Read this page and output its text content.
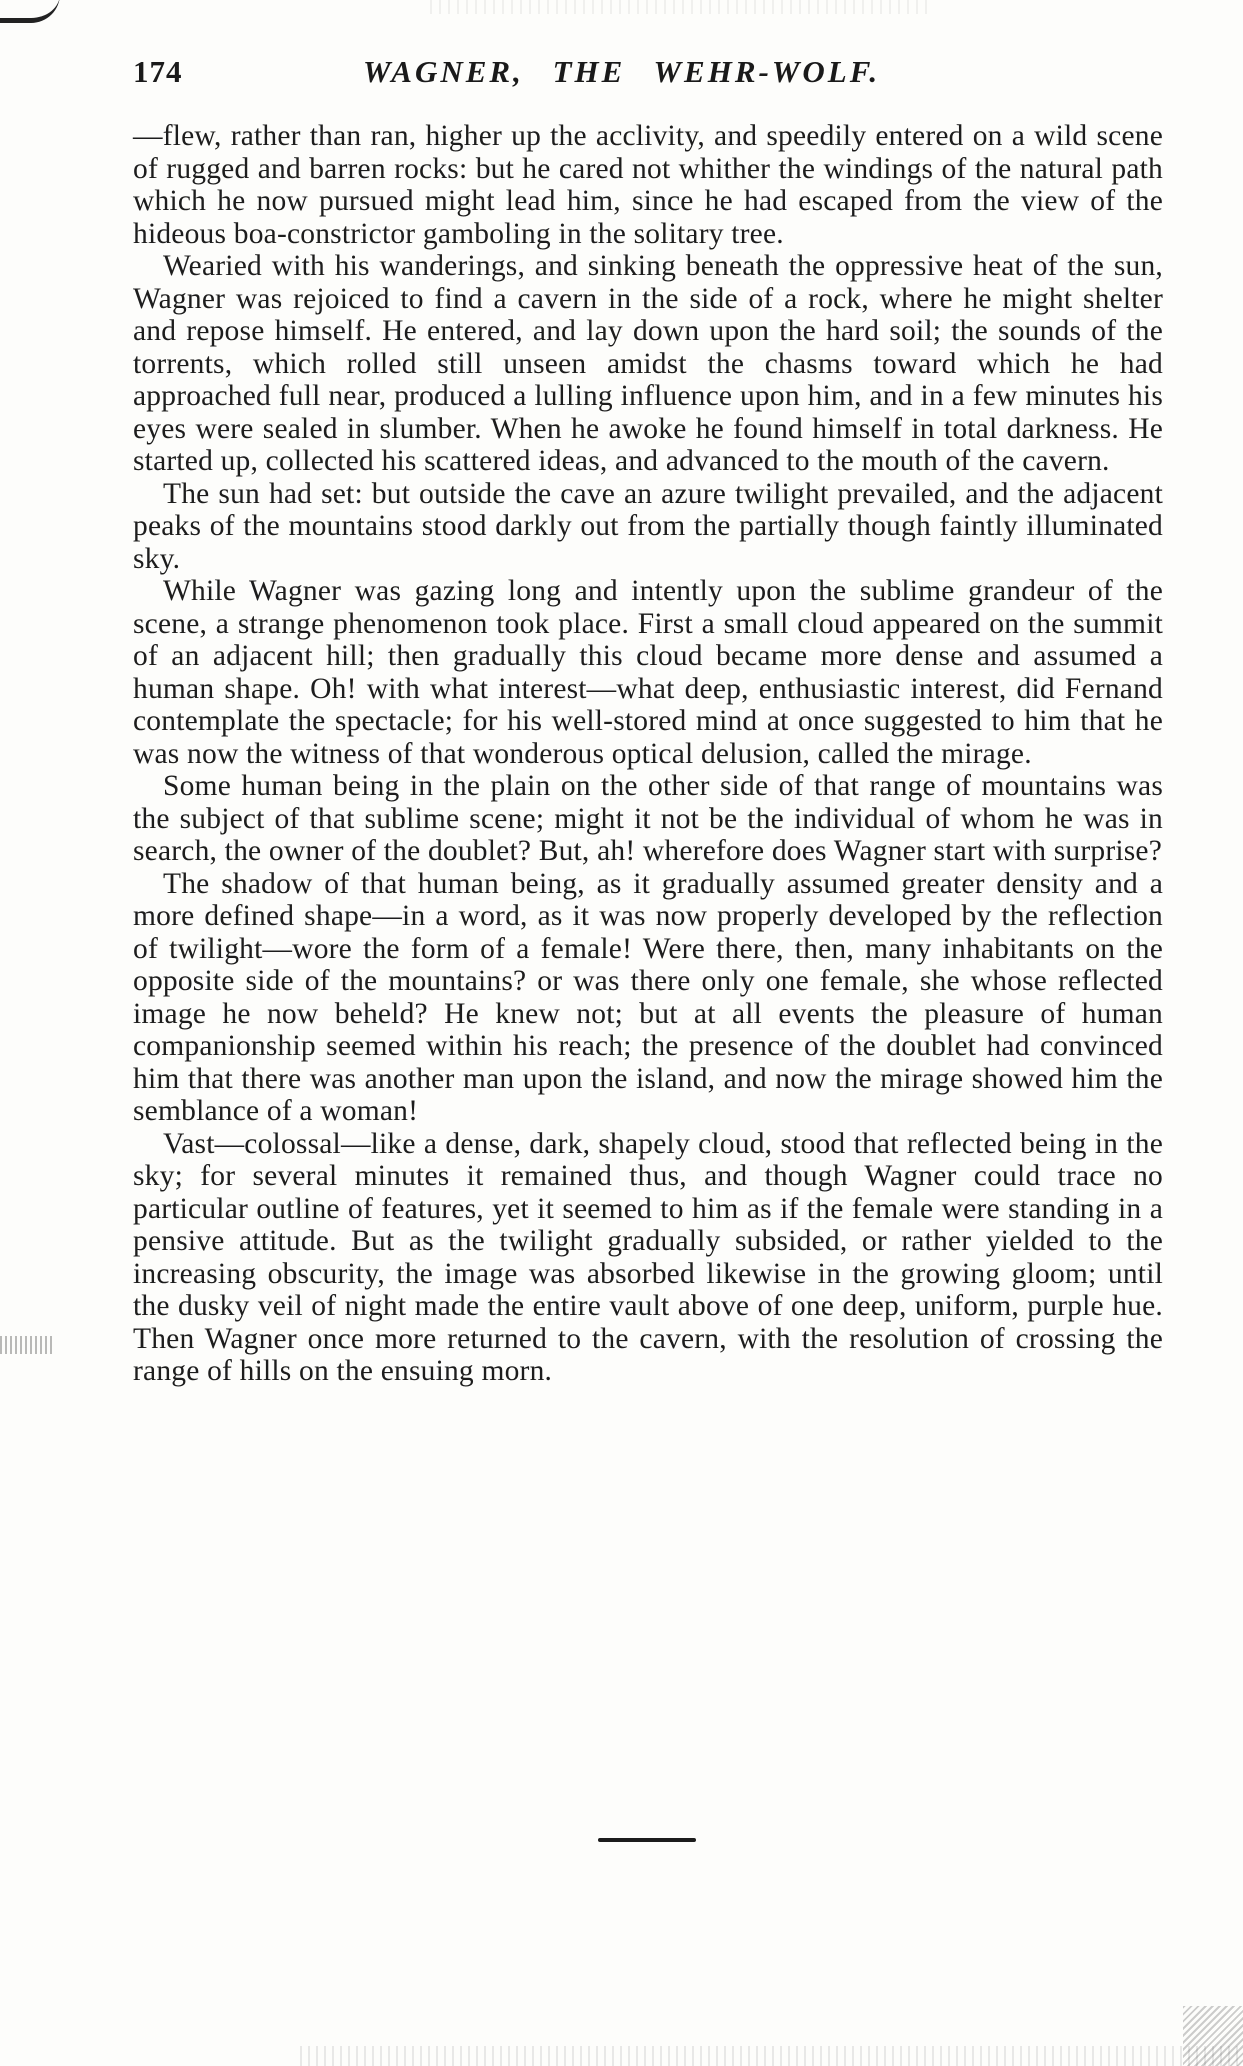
174	WAGNER, THE WEHR-WOLF.

—flew, rather than ran, higher up the acclivity, and speedily entered on a wild scene of rugged and barren rocks: but he cared not whither the windings of the natural path which he now pursued might lead him, since he had escaped from the view of the hideous boa-constrictor gamboling in the solitary tree.

Wearied with his wanderings, and sinking beneath the oppressive heat of the sun, Wagner was rejoiced to find a cavern in the side of a rock, where he might shelter and repose himself. He entered, and lay down upon the hard soil; the sounds of the torrents, which rolled still unseen amidst the chasms toward which he had approached full near, produced a lulling influence upon him, and in a few minutes his eyes were sealed in slumber. When he awoke he found himself in total darkness. He started up, collected his scattered ideas, and advanced to the mouth of the cavern.

The sun had set: but outside the cave an azure twilight prevailed, and the adjacent peaks of the mountains stood darkly out from the partially though faintly illuminated sky.

While Wagner was gazing long and intently upon the sublime grandeur of the scene, a strange phenomenon took place. First a small cloud appeared on the summit of an adjacent hill; then gradually this cloud became more dense and assumed a human shape. Oh! with what interest—what deep, enthusiastic interest, did Fernand contemplate the spectacle; for his well-stored mind at once suggested to him that he was now the witness of that wonderous optical delusion, called the mirage.

Some human being in the plain on the other side of that range of mountains was the subject of that sublime scene; might it not be the individual of whom he was in search, the owner of the doublet? But, ah! wherefore does Wagner start with surprise?

The shadow of that human being, as it gradually assumed greater density and a more defined shape—in a word, as it was now properly developed by the reflection of twilight—wore the form of a female! Were there, then, many inhabitants on the opposite side of the mountains? or was there only one female, she whose reflected image he now beheld? He knew not; but at all events the pleasure of human companionship seemed within his reach; the presence of the doublet had convinced him that there was another man upon the island, and now the mirage showed him the semblance of a woman!

Vast—colossal—like a dense, dark, shapely cloud, stood that reflected being in the sky; for several minutes it remained thus, and though Wagner could trace no particular outline of features, yet it seemed to him as if the female were standing in a pensive attitude. But as the twilight gradually subsided, or rather yielded to the increasing obscurity, the image was absorbed likewise in the growing gloom; until the dusky veil of night made the entire vault above of one deep, uniform, purple hue. Then Wagner once more returned to the cavern, with the resolution of crossing the range of hills on the ensuing morn.
